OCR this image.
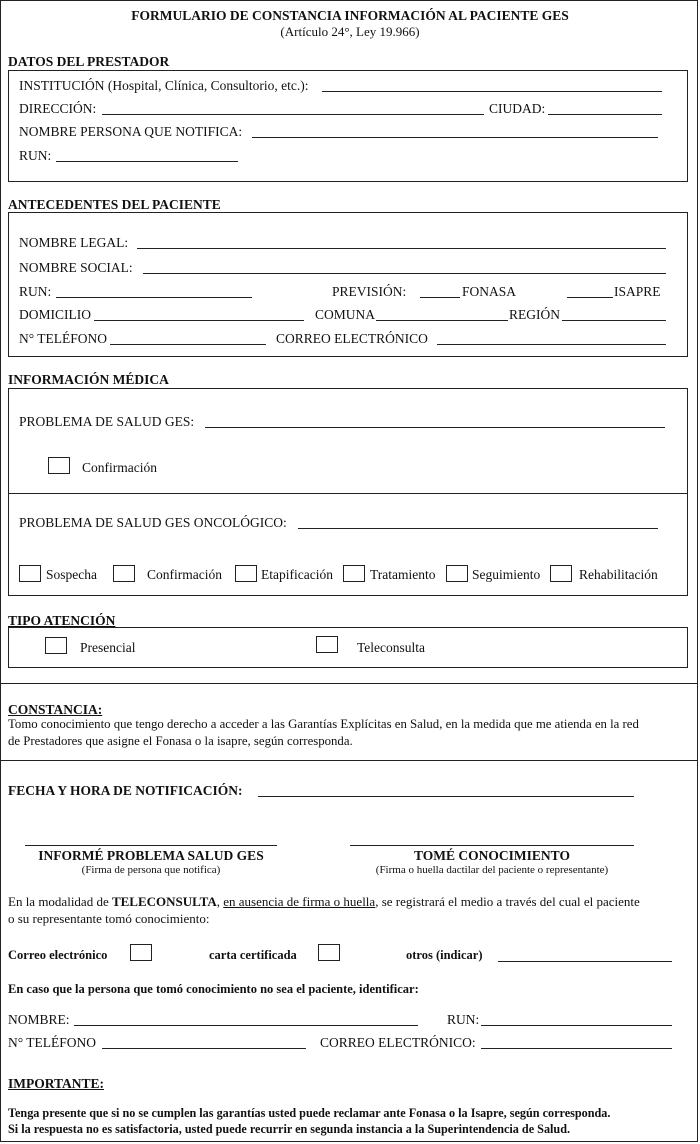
FORMULARIO DE CONSTANCIA INFORMACIÓN AL PACIENTE GES
(Artículo 24°, Ley 19.966)
DATOS DEL PRESTADOR
INSTITUCIÓN (Hospital, Clínica, Consultorio, etc.):
DIRECCIÓN:	CIUDAD:
NOMBRE PERSONA QUE NOTIFICA:
RUN:
ANTECEDENTES DEL PACIENTE
NOMBRE LEGAL:
NOMBRE SOCIAL:
RUN:	PREVISIÓN:	FONASA	ISAPRE
DOMICILIO	COMUNA	REGIÓN
N° TELÉFONO	CORREO ELECTRÓNICO
INFORMACIÓN MÉDICA
PROBLEMA DE SALUD GES:
Confirmación
PROBLEMA DE SALUD GES ONCOLÓGICO:
Sospecha	Confirmación	Etapificación	Tratamiento	Seguimiento	Rehabilitación
TIPO ATENCIÓN
Presencial	Teleconsulta
CONSTANCIA:
Tomo conocimiento que tengo derecho a acceder a las Garantías Explícitas en Salud, en la medida que me atienda en la red
de Prestadores que asigne el Fonasa o la isapre, según corresponda.
FECHA Y HORA DE NOTIFICACIÓN:
INFORMÉ PROBLEMA SALUD GES
(Firma de persona que notifica)
TOMÉ CONOCIMIENTO
(Firma o huella dactilar del paciente o representante)
En la modalidad de TELECONSULTA, en ausencia de firma o huella, se registrará el medio a través del cual el paciente
o su representante tomó conocimiento:
Correo electrónico	carta certificada	otros (indicar)
En caso que la persona que tomó conocimiento no sea el paciente, identificar:
NOMBRE:	RUN:
N° TELÉFONO	CORREO ELECTRÓNICO:
IMPORTANTE:
Tenga presente que si no se cumplen las garantías usted puede reclamar ante Fonasa o la Isapre, según corresponda.
Si la respuesta no es satisfactoria, usted puede recurrir en segunda instancia a la Superintendencia de Salud.
